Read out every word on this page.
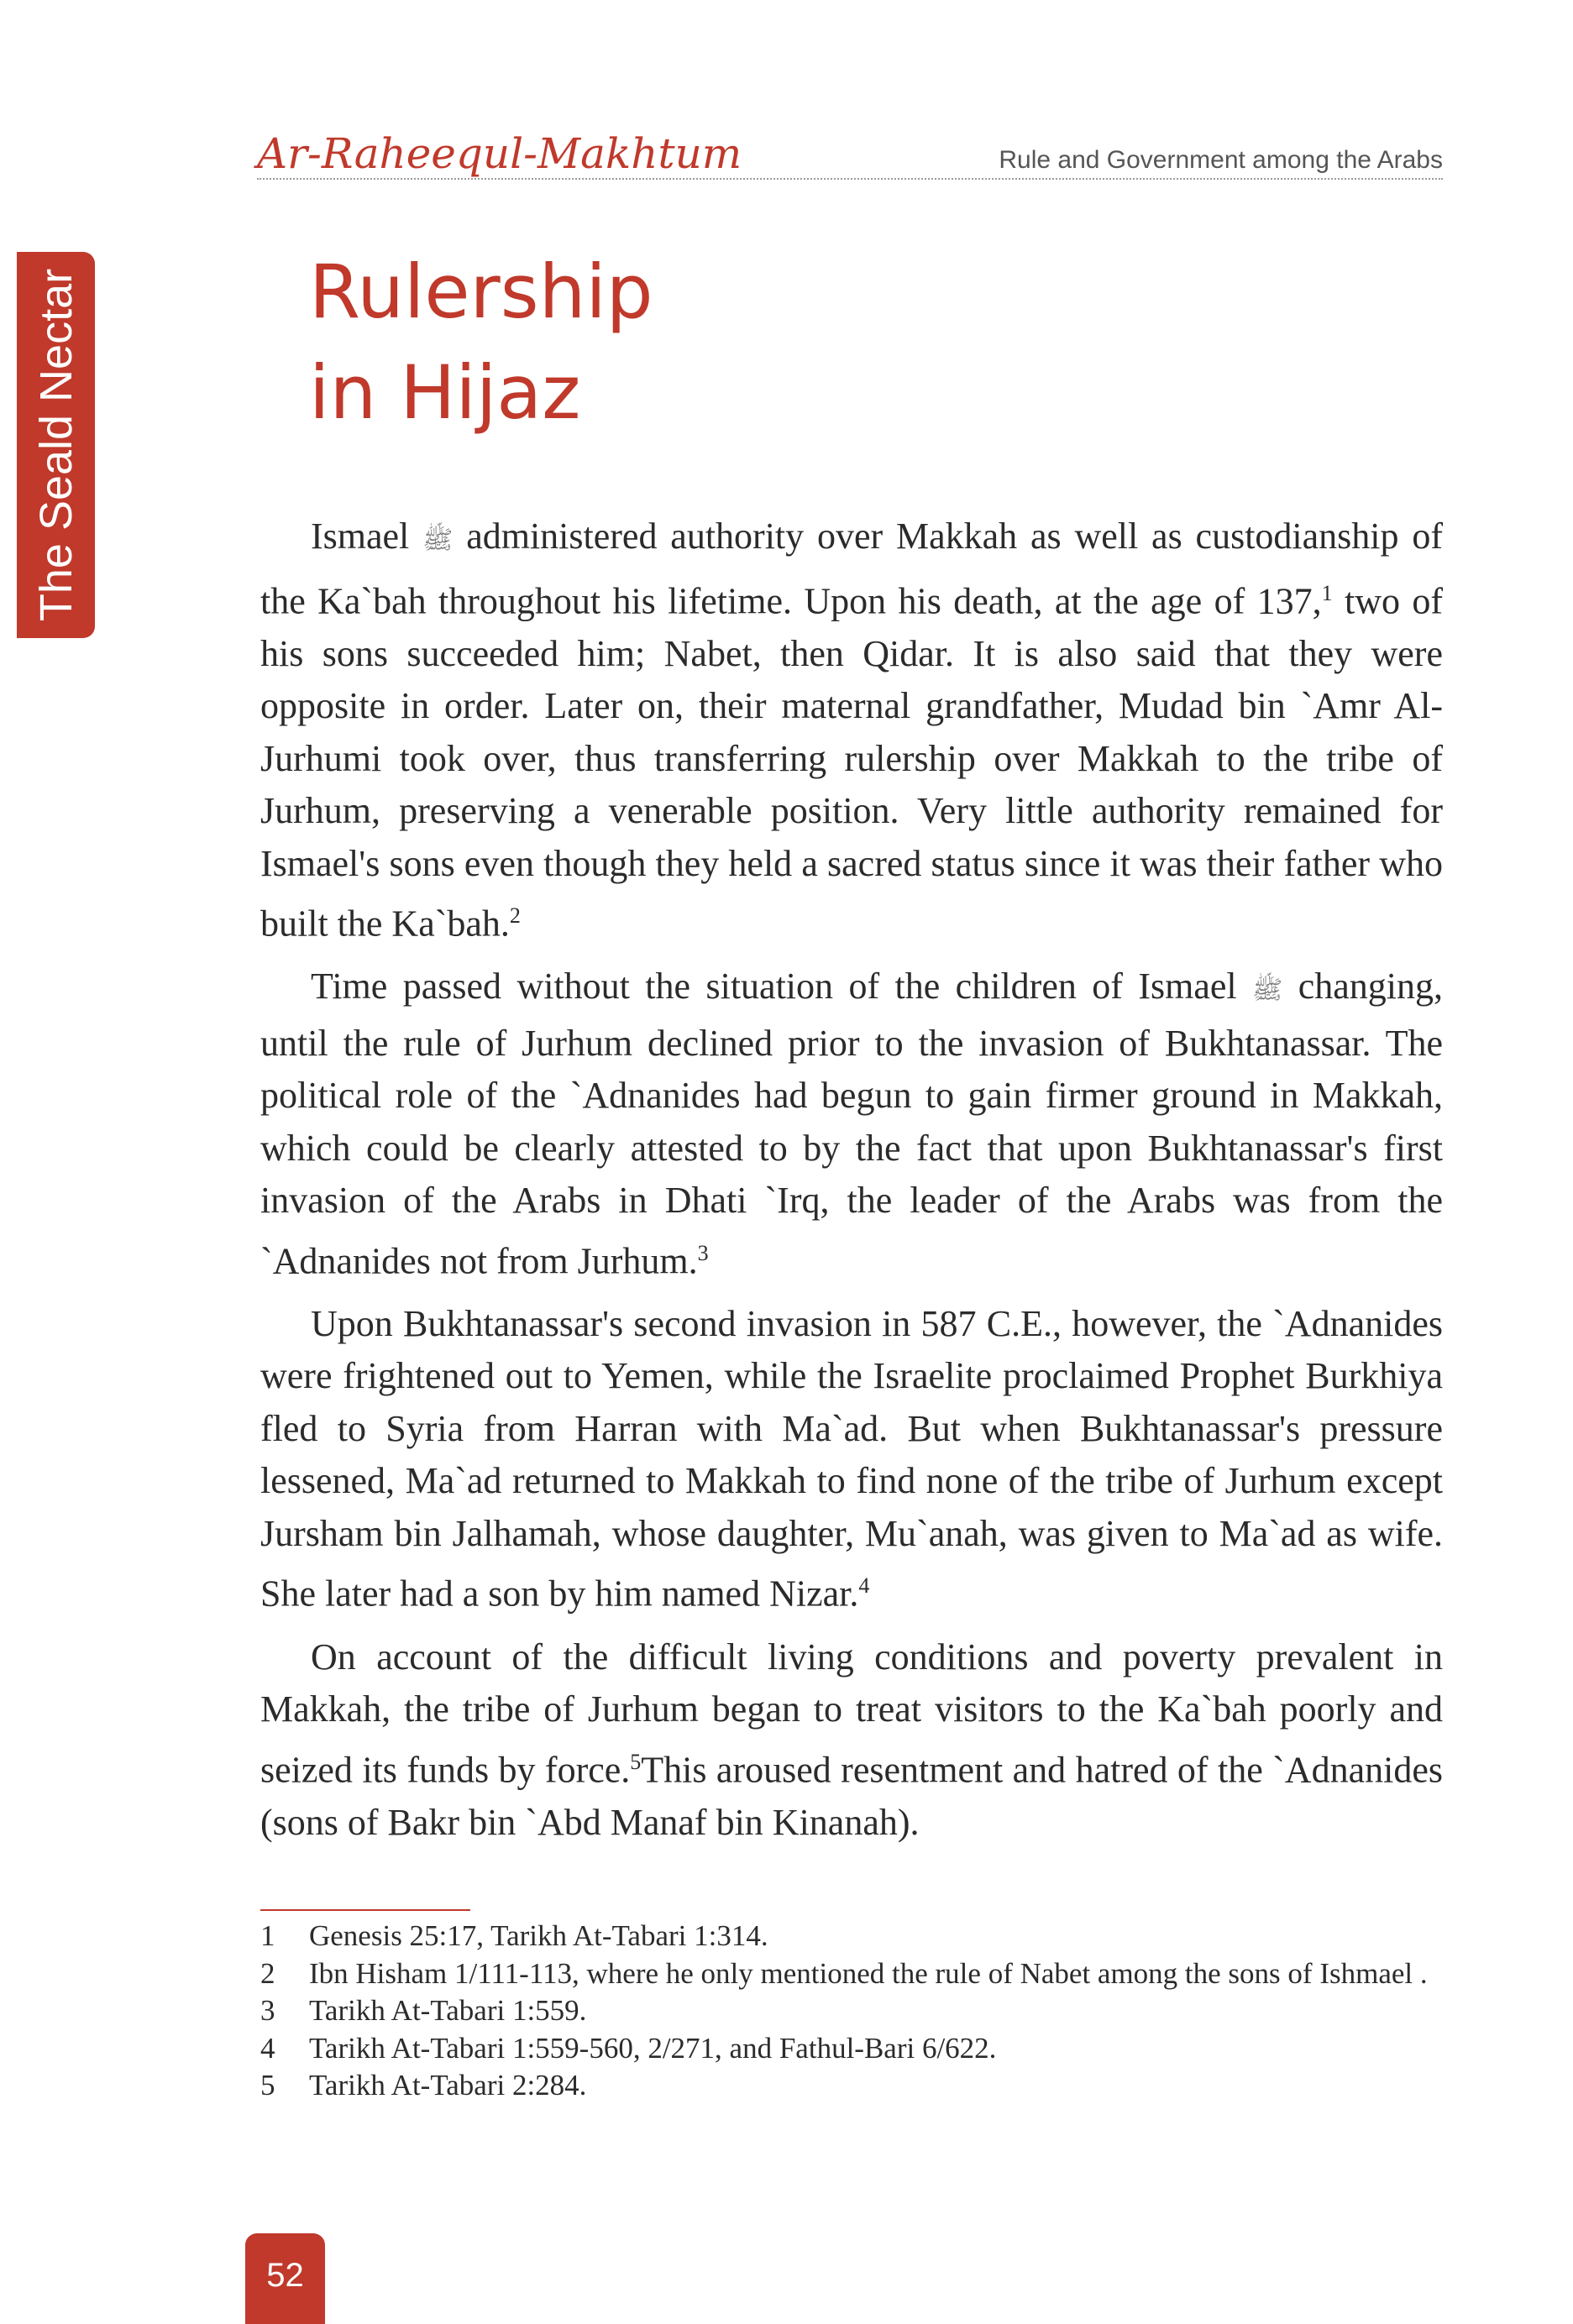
The Seald Nectar
Ar-Raheequl-Makhtum	Rule and Government among the Arabs
Rulership
in Hijaz

Ismael ﷺ administered authority over Makkah as well as custodianship of the Ka`bah throughout his lifetime. Upon his death, at the age of 137,$^1$ two of his sons succeeded him; Nabet, then Qidar. It is also said that they were opposite in order. Later on, their maternal grandfather, Mudad bin `Amr Al-Jurhumi took over, thus transferring rulership over Makkah to the tribe of Jurhum, preserving a venerable position. Very little authority remained for Ismael's sons even though they held a sacred status since it was their father who built the Ka`bah.$^2$

Time passed without the situation of the children of Ismael ﷺ changing, until the rule of Jurhum declined prior to the invasion of Bukhtanassar. The political role of the `Adnanides had begun to gain firmer ground in Makkah, which could be clearly attested to by the fact that upon Bukhtanassar's first invasion of the Arabs in Dhati `Irq, the leader of the Arabs was from the `Adnanides not from Jurhum.$^3$

Upon Bukhtanassar's second invasion in 587 C.E., however, the `Adnanides were frightened out to Yemen, while the Israelite proclaimed Prophet Burkhiya fled to Syria from Harran with Ma`ad. But when Bukhtanassar's pressure lessened, Ma`ad returned to Makkah to find none of the tribe of Jurhum except Jursham bin Jalhamah, whose daughter, Mu`anah, was given to Ma`ad as wife. She later had a son by him named Nizar.$^4$

On account of the difficult living conditions and poverty prevalent in Makkah, the tribe of Jurhum began to treat visitors to the Ka`bah poorly and seized its funds by force.$^5$This aroused resentment and hatred of the `Adnanides (sons of Bakr bin `Abd Manaf bin Kinanah).

1	Genesis 25:17, Tarikh At-Tabari 1:314.
2	Ibn Hisham 1/111-113, where he only mentioned the rule of Nabet among the sons of Ishmael .
3	Tarikh At-Tabari 1:559.
4	Tarikh At-Tabari 1:559-560, 2/271, and Fathul-Bari 6/622.
5	Tarikh At-Tabari 2:284.
52
